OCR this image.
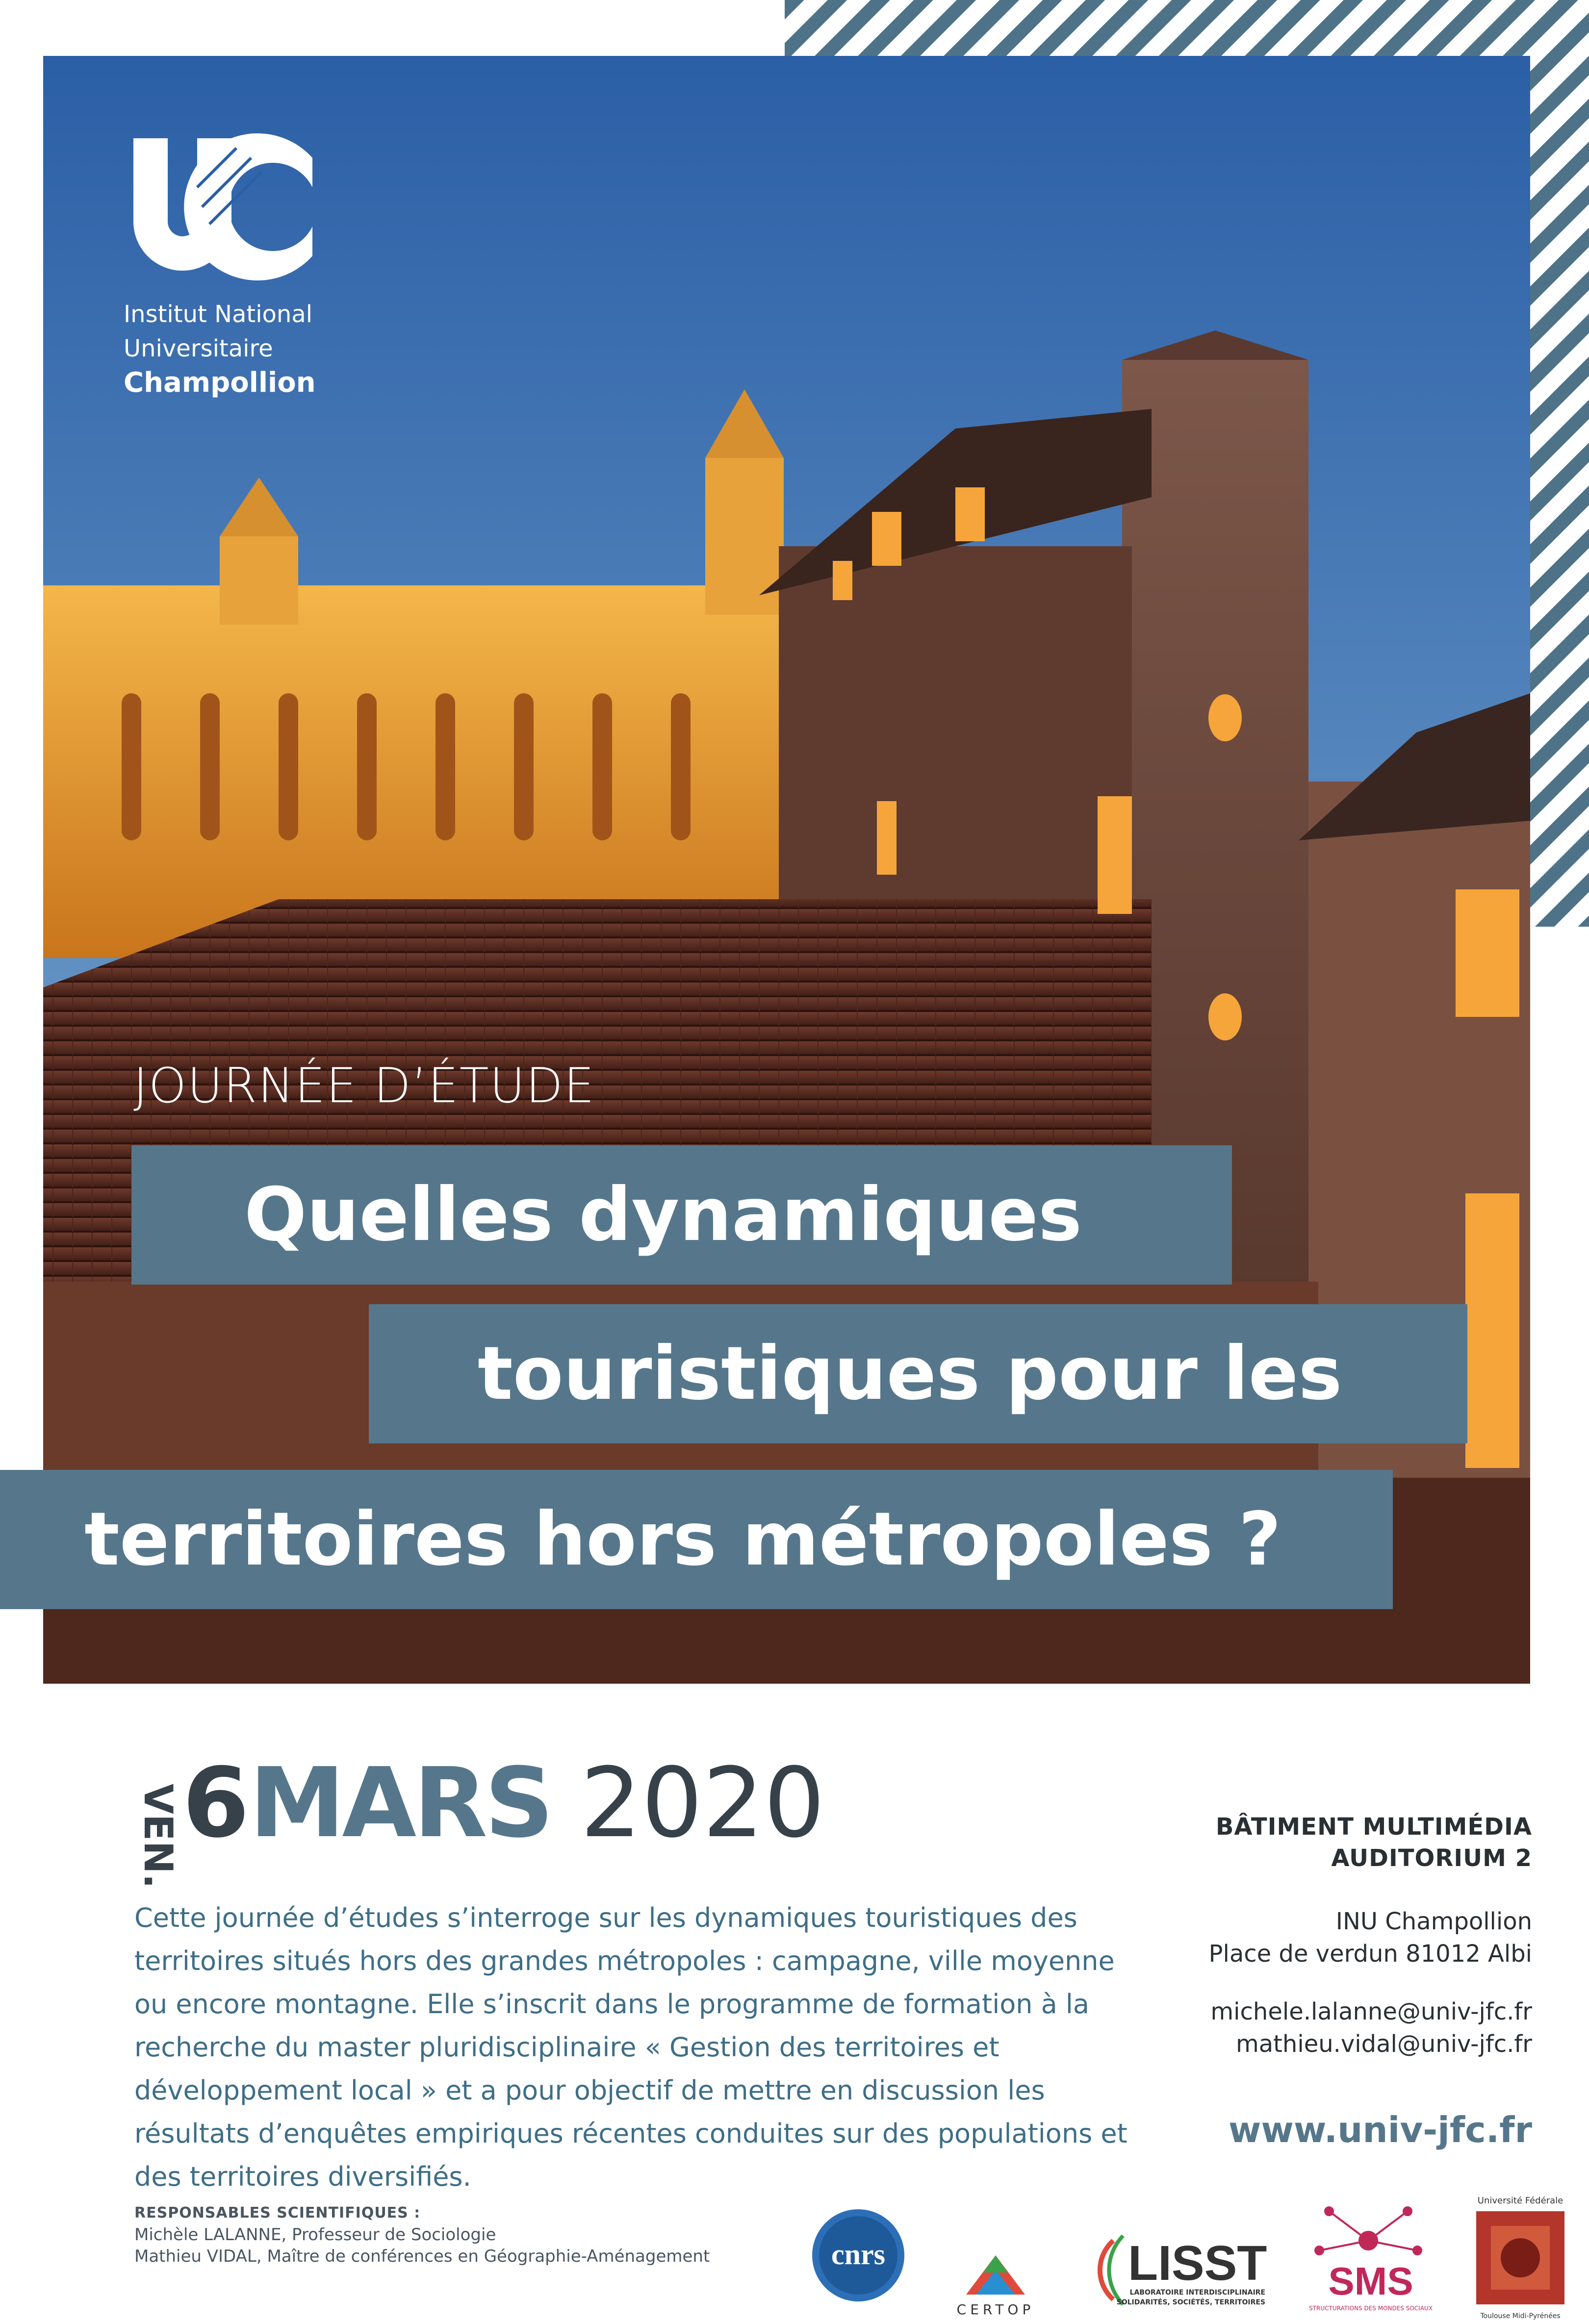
Institut National
Universitaire
Champollion
JOURNÉE D’ÉTUDE
Quelles dynamiques
touristiques pour les
territoires hors métropoles ?
VEN. 6 MARS 2020
Cette journée d’études s’interroge sur les dynamiques touristiques des territoires situés hors des grandes métropoles : campagne, ville moyenne ou encore montagne. Elle s’inscrit dans le programme de formation à la recherche du master pluridisciplinaire « Gestion des territoires et développement local » et a pour objectif de mettre en discussion les résultats d’enquêtes empiriques récentes conduites sur des populations et des territoires diversifiés.
BÂTIMENT MULTIMÉDIA
AUDITORIUM 2
INU Champollion
Place de verdun 81012 Albi
michele.lalanne@univ-jfc.fr
mathieu.vidal@univ-jfc.fr
www.univ-jfc.fr
RESPONSABLES SCIENTIFIQUES :
Michèle LALANNE, Professeur de Sociologie
Mathieu VIDAL, Maître de conférences en Géographie-Aménagement	cnrs
CERTOP
LISST
LABORATOIRE INTERDISCIPLINAIRE
SOLIDARITÉS, SOCIÉTÉS, TERRITOIRES SMS
STRUCTURATIONS DES MONDES SOCIAUX
Université Fédérale
Toulouse Midi-Pyrénées
